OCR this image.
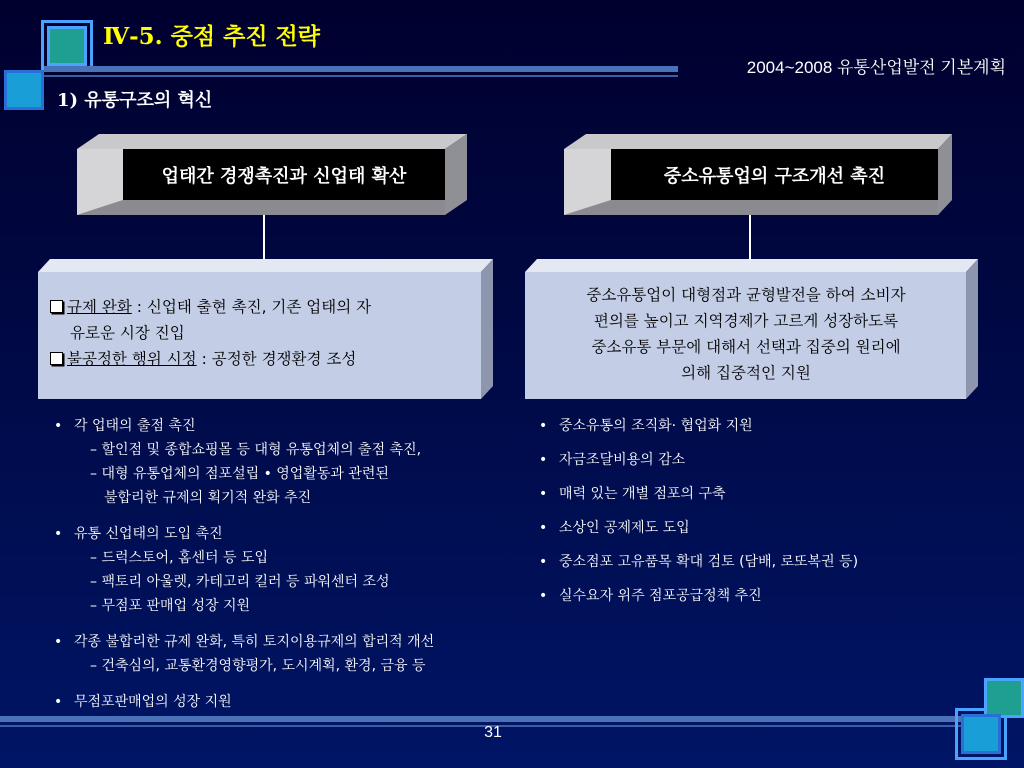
Ⅳ-5. 중점 추진 전략
2004~2008 유통산업발전 기본계획
1) 유통구조의 혁신
업태간 경쟁촉진과 신업태 확산	중소유통업의 구조개선 촉진
규제 완화 : 신업태 출현 촉진, 기존 업태의 자
유로운 시장 진입
불공정한 행위 시정 : 공정한 경쟁환경 조성
중소유통업이 대형점과 균형발전을 하여 소비자
편의를 높이고 지역경제가 고르게 성장하도록
중소유통 부문에 대해서 선택과 집중의 원리에
의해 집중적인 지원
• 각 업태의 출점 촉진
– 할인점 및 종합쇼핑몰 등 대형 유통업체의 출점 촉진,
– 대형 유통업체의 점포설립 • 영업활동과 관련된
불합리한 규제의 획기적 완화 추진
• 유통 신업태의 도입 촉진
– 드럭스토어, 홈센터 등 도입
– 팩토리 아울렛, 카테고리 킬러 등 파워센터 조성
– 무점포 판매업 성장 지원
• 각종 불합리한 규제 완화, 특히 토지이용규제의 합리적 개선
– 건축심의, 교통환경영향평가, 도시계획, 환경, 금융 등
• 무점포판매업의 성장 지원
• 중소유통의 조직화· 협업화 지원
• 자금조달비용의 감소
• 매력 있는 개별 점포의 구축
• 소상인 공제제도 도입
• 중소점포 고유품목 확대 검토 (담배, 로또복권 등)
• 실수요자 위주 점포공급정책 추진
31
